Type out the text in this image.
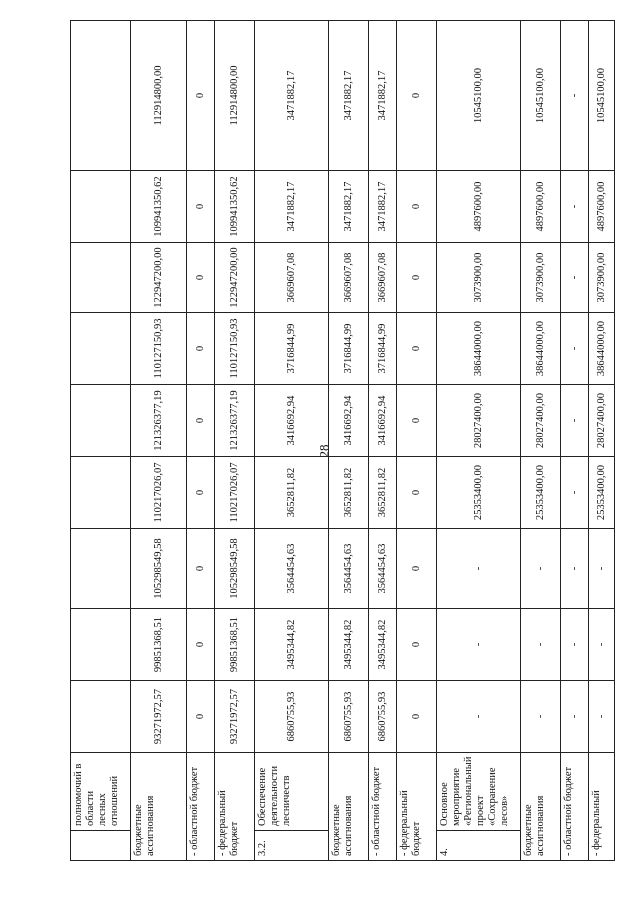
28
	полномочий в области лесных отношений									
бюджетные ассигнования		93271972,57	99851368,51	105298549,58	110217026,07	121326377,19	110127150,93	122947200,00	109941350,62	112914800,00
- областной бюджет		0	0	0	0	0	0	0	0	0
- федеральный бюджет		93271972,57	99851368,51	105298549,58	110217026,07	121326377,19	110127150,93	122947200,00	109941350,62	112914800,00
3.2.	Обеспечение деятельности лесничеств	6860755,93	3495344,82	3564454,63	3652811,82	3416692,94	3716844,99	3669607,08	3471882,17	3471882,17
бюджетные ассигнования		6860755,93	3495344,82	3564454,63	3652811,82	3416692,94	3716844,99	3669607,08	3471882,17	3471882,17
- областной бюджет		6860755,93	3495344,82	3564454,63	3652811,82	3416692,94	3716844,99	3669607,08	3471882,17	3471882,17
- федеральный бюджет		0	0	0	0	0	0	0	0	0
4.	Основное мероприятие «Региональный проект «Сохранение лесов»	-	-	-	25353400,00	28027400,00	38644000,00	3073900,00	4897600,00	10545100,00
бюджетные ассигнования		-	-	-	25353400,00	28027400,00	38644000,00	3073900,00	4897600,00	10545100,00
- областной бюджет		-	-	-	-	-	-	-	-	-
- федеральный		-	-	-	25353400,00	28027400,00	38644000,00	3073900,00	4897600,00	10545100,00
